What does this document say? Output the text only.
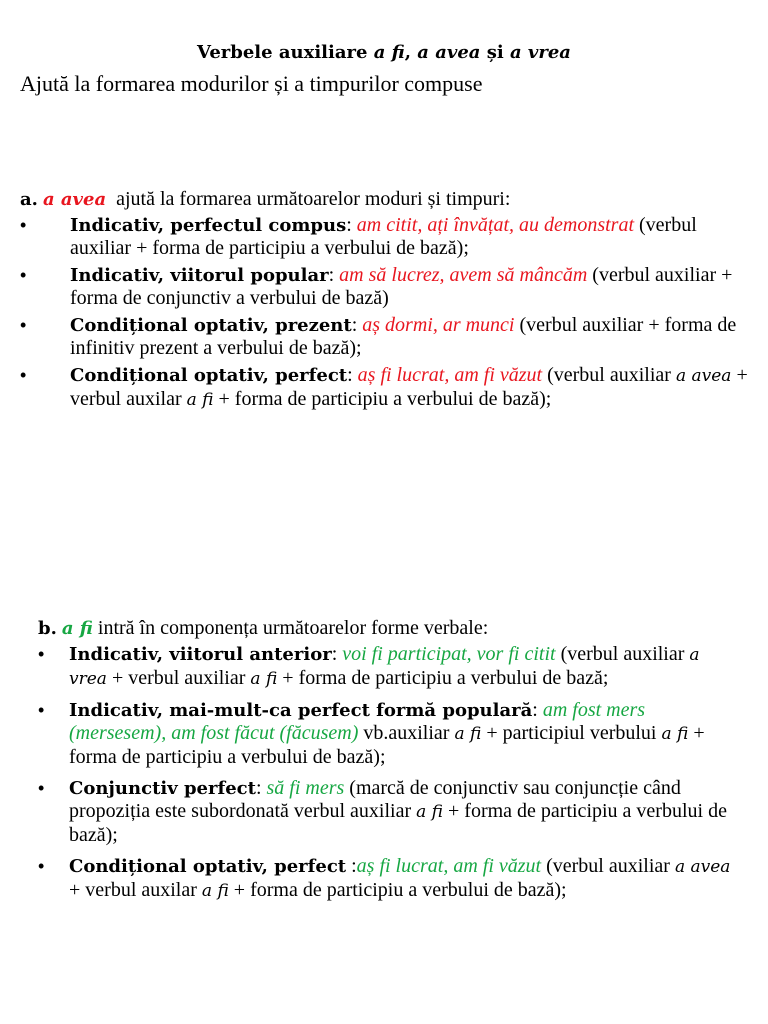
Verbele auxiliare a fi, a avea și a vrea
Ajută la formarea modurilor și a timpurilor compuse
a. a avea ajută la formarea următoarelor moduri și timpuri:
• Indicativ, perfectul compus: am citit, ați învățat, au demonstrat (verbul auxiliar + forma de participiu a verbului de bază);
• Indicativ, viitorul popular: am să lucrez, avem să mâncăm (verbul auxiliar + forma de conjunctiv a verbului de bază)
• Condițional optativ, prezent: aș dormi, ar munci (verbul auxiliar + forma de infinitiv prezent a verbului de bază);
• Condițional optativ, perfect: aș fi lucrat, am fi văzut (verbul auxiliar a avea + verbul auxilar a fi + forma de participiu a verbului de bază);
b. a fi intră în componența următoarelor forme verbale:
• Indicativ, viitorul anterior: voi fi participat, vor fi citit (verbul auxiliar a vrea + verbul auxiliar a fi + forma de participiu a verbului de bază;
• Indicativ, mai-mult-ca perfect formă populară: am fost mers (mersesem), am fost făcut (făcusem) vb.auxiliar a fi + participiul verbului a fi + forma de participiu a verbului de bază);
• Conjunctiv perfect: să fi mers (marcă de conjunctiv sau conjuncție când propoziția este subordonată verbul auxiliar a fi + forma de participiu a verbului de bază);
• Condițional optativ, perfect :aș fi lucrat, am fi văzut (verbul auxiliar a avea + verbul auxilar a fi + forma de participiu a verbului de bază);
